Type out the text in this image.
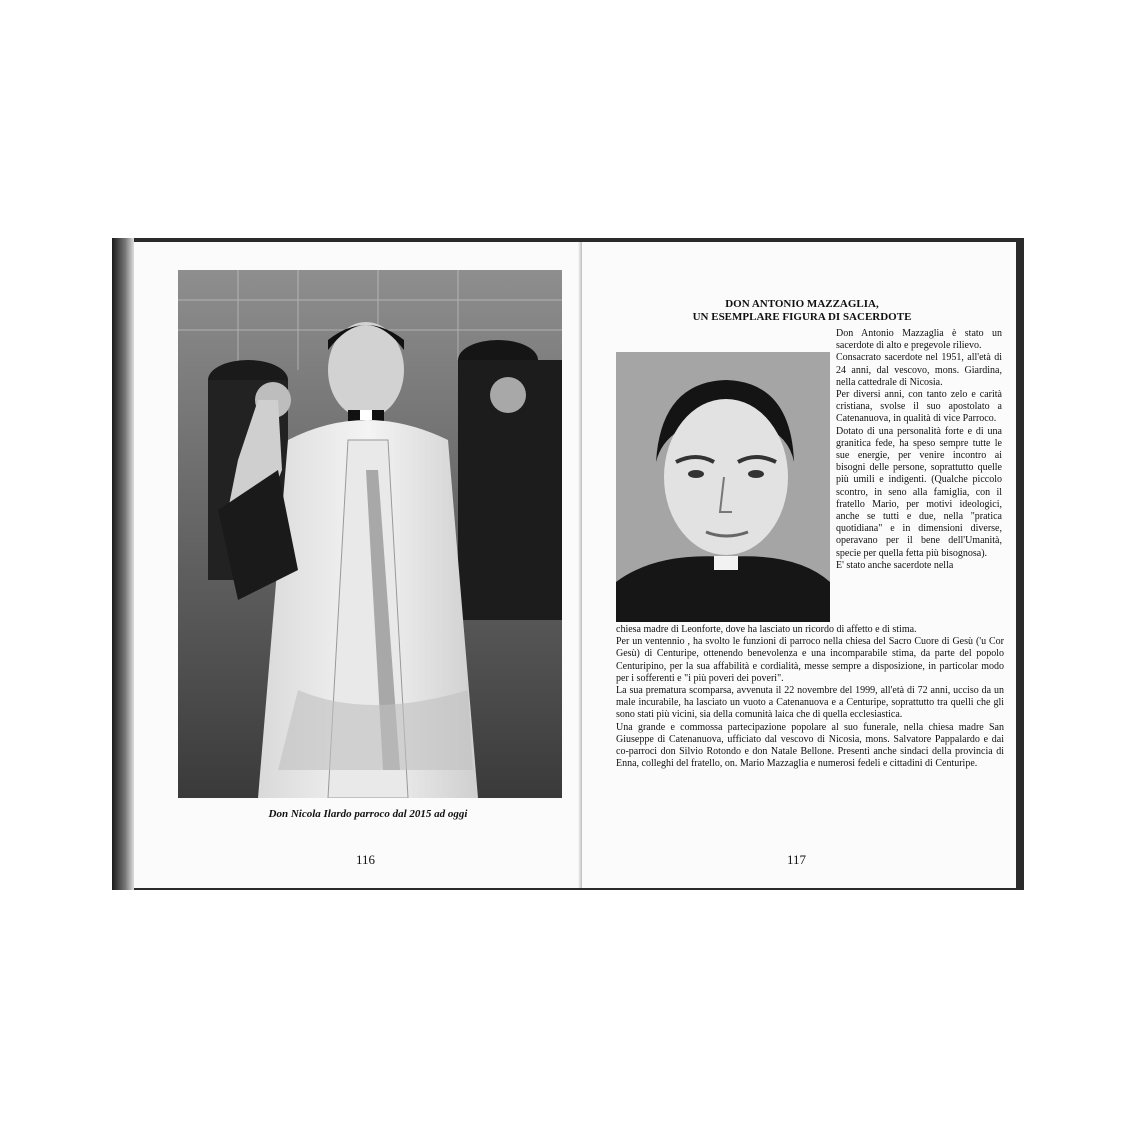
Don Nicola Ilardo parroco dal 2015 ad oggi
116
DON ANTONIO MAZZAGLIA,
UN ESEMPLARE FIGURA DI SACERDOTE

Don Antonio Mazzaglia è stato un sacerdote di alto e pregevole rilievo.

Consacrato sacerdote nel 1951, all'età di 24 anni, dal vescovo, mons. Giardina, nella cattedrale di Nicosia.

Per diversi anni, con tanto zelo e carità cristiana, svolse il suo apostolato a Catenanuova, in qualità di vice Parroco.

Dotato di una personalità forte e di una granitica fede, ha speso sempre tutte le sue energie, per venire incontro ai bisogni delle persone, soprattutto quelle più umili e indigenti. (Qualche piccolo scontro, in seno alla famiglia, con il fratello Mario, per motivi ideologici, anche se tutti e due, nella "pratica quotidiana" e in dimensioni diverse, operavano per il bene dell'Umanità, specie per quella fetta più bisognosa).

E' stato anche sacerdote nella

chiesa madre di Leonforte, dove ha lasciato un ricordo di affetto e di stima.

Per un ventennio , ha svolto le funzioni di parroco nella chiesa del Sacro Cuore di Gesù ('u Cor Gesù) di Centuripe, ottenendo benevolenza e una incomparabile stima, da parte del popolo Centuripino, per la sua affabilità e cordialità, messe sempre a disposizione, in particolar modo per i sofferenti e "i più poveri dei poveri".

La sua prematura scomparsa, avvenuta il 22 novembre del 1999, all'età di 72 anni, ucciso da un male incurabile, ha lasciato un vuoto a Catenanuova e a Centuripe, soprattutto tra quelli che gli sono stati più vicini, sia della comunità laica che di quella ecclesiastica.

Una grande e commossa partecipazione popolare al suo funerale, nella chiesa madre San Giuseppe di Catenanuova, ufficiato dal vescovo di Nicosia, mons. Salvatore Pappalardo e dai co-parroci don Silvio Rotondo e don Natale Bellone. Presenti anche sindaci della provincia di Enna, colleghi del fratello, on. Mario Mazzaglia e numerosi fedeli e cittadini di Centuripe.

117
